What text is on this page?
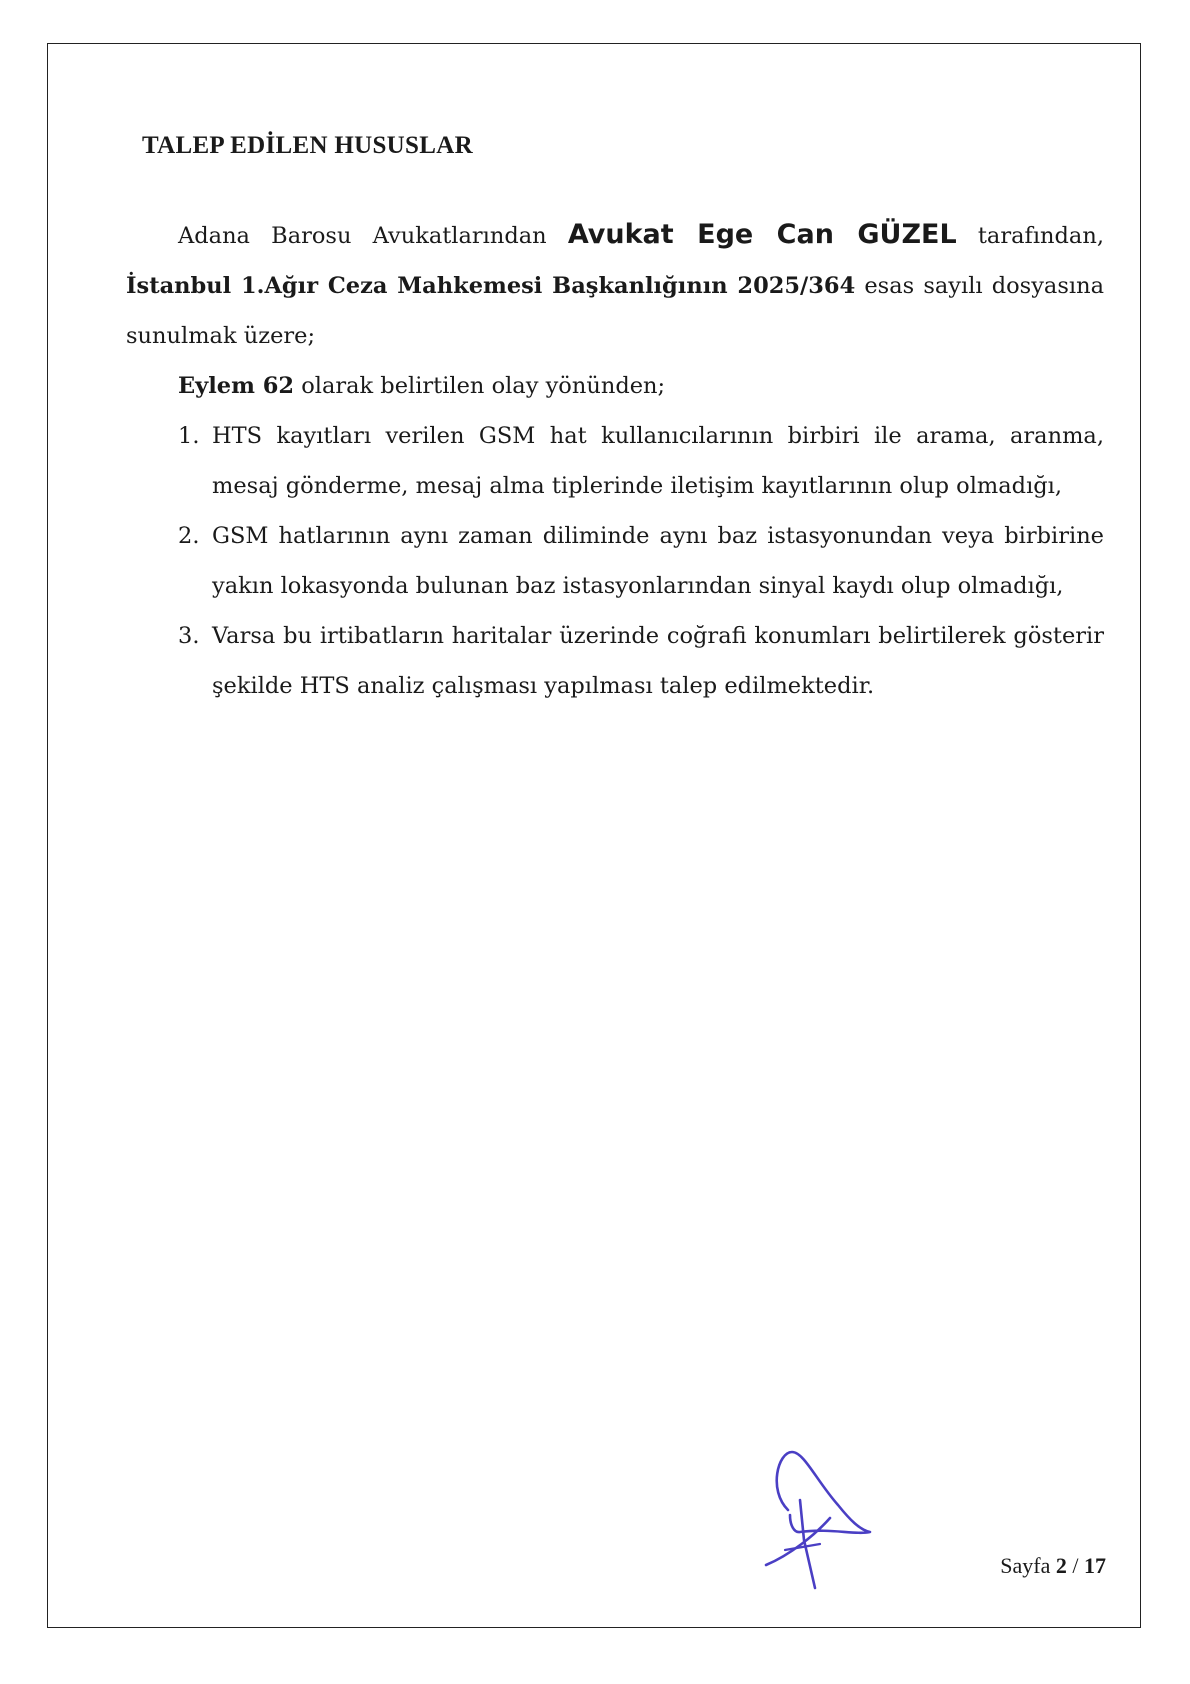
TALEP EDİLEN HUSUSLAR

Adana Barosu Avukatlarından Avukat Ege Can GÜZEL tarafından, İstanbul 1.Ağır Ceza Mahkemesi Başkanlığının 2025/364 esas sayılı dosyasına sunulmak üzere;

Eylem 62 olarak belirtilen olay yönünden;

1. HTS kayıtları verilen GSM hat kullanıcılarının birbiri ile arama, aranma, mesaj gönderme, mesaj alma tiplerinde iletişim kayıtlarının olup olmadığı,
2. GSM hatlarının aynı zaman diliminde aynı baz istasyonundan veya birbirine yakın lokasyonda bulunan baz istasyonlarından sinyal kaydı olup olmadığı,
3. Varsa bu irtibatların haritalar üzerinde coğrafi konumları belirtilerek gösterir şekilde HTS analiz çalışması yapılması talep edilmektedir.
Sayfa 2 / 17
